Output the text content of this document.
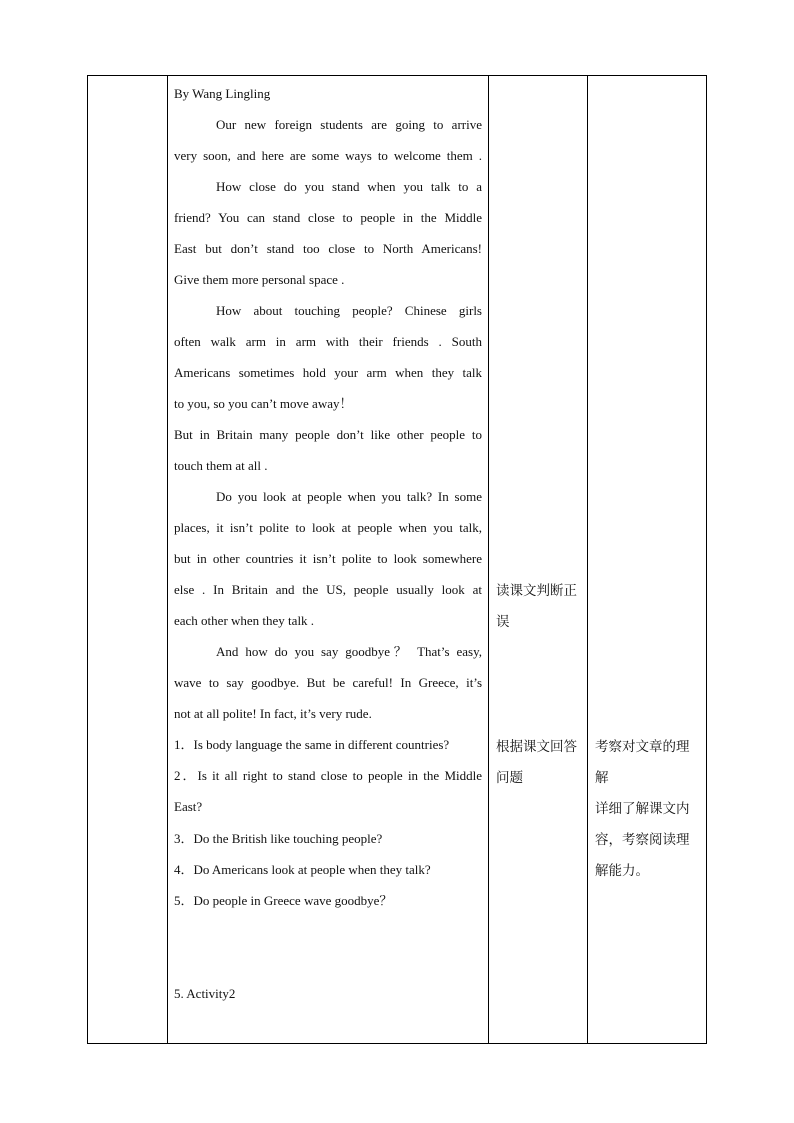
By Wang Lingling
Our new foreign students are going to arrive
very soon, and here are some ways to welcome them .
How close do you stand when you talk to a
friend? You can stand close to people in the Middle
East but don’t stand too close to North Americans!
Give them more personal space .
How about touching people? Chinese girls
often walk arm in arm with their friends . South
Americans sometimes hold your arm when they talk
to you, so you can’t move away！
But in Britain many people don’t like other people to
touch them at all .
Do you look at people when you talk? In some
places, it isn’t polite to look at people when you talk,
but in other countries it isn’t polite to look somewhere
else . In Britain and the US, people usually look at
each other when they talk .
And how do you say goodbye？ That’s easy,
wave to say goodbye. But be careful! In Greece, it’s
not at all polite! In fact, it’s very rude.
1．Is body language the same in different countries?
2．Is it all right to stand close to people in the Middle
East?
3．Do the British like touching people?
4．Do Americans look at people when they talk?
5．Do people in Greece wave goodbye？
5. Activity2
读课文判断正
误
根据课文回答
问题
考察对文章的理
解
详细了解课文内
容，考察阅读理
解能力。
